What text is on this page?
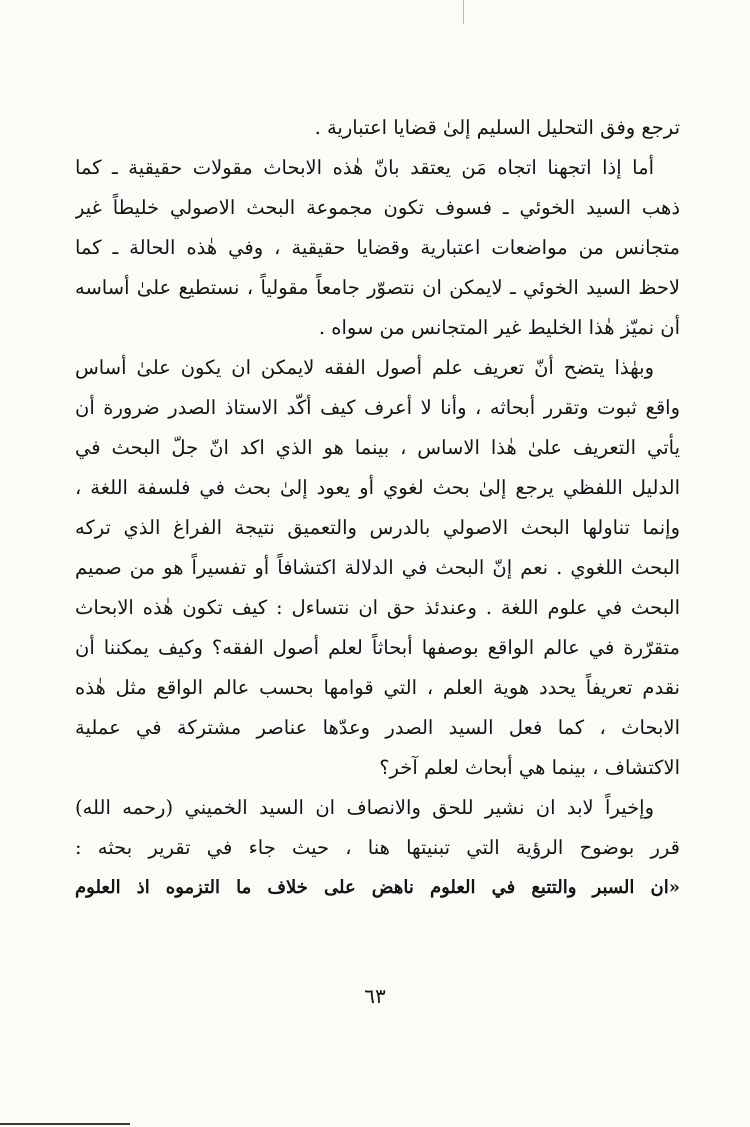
ترجع وفق التحليل السليم إلىٰ قضايا اعتبارية .
أما إذا اتجهنا اتجاه مَن يعتقد بانّ هٰذه الابحاث مقولات حقيقية ـ كما
ذهب السيد الخوئي ـ فسوف تكون مجموعة البحث الاصولي خليطاً غير
متجانس من مواضعات اعتبارية وقضايا حقيقية ، وفي هٰذه الحالة ـ كما
لاحظ السيد الخوئي ـ لايمكن ان نتصوّر جامعاً مقولياً ، نستطيع علىٰ أساسه
أن نميّز هٰذا الخليط غير المتجانس من سواه .
وبهٰذا يتضح أنّ تعريف علم أصول الفقه لايمكن ان يكون علىٰ أساس
واقع ثبوت وتقرر أبحاثه ، وأنا لا أعرف كيف أكّد الاستاذ الصدر ضرورة أن
يأتي التعريف علىٰ هٰذا الاساس ، بينما هو الذي اكد انّ جلّ البحث في
الدليل اللفظي يرجع إلىٰ بحث لغوي أو يعود إلىٰ بحث في فلسفة اللغة ،
وإنما تناولها البحث الاصولي بالدرس والتعميق نتيجة الفراغ الذي تركه
البحث اللغوي . نعم إنّ البحث في الدلالة اكتشافاً أو تفسيراً هو من صميم
البحث في علوم اللغة . وعندئذ حق ان نتساءل : كيف تكون هٰذه الابحاث
متقرّرة في عالم الواقع بوصفها أبحاثاً لعلم أصول الفقه؟ وكيف يمكننا أن
نقدم تعريفاً يحدد هوية العلم ، التي قوامها بحسب عالم الواقع مثل هٰذه
الابحاث ، كما فعل السيد الصدر وعدّها عناصر مشتركة في عملية
الاكتشاف ، بينما هي أبحاث لعلم آخر؟
وإخيراً لابد ان نشير للحق والانصاف ان السيد الخميني (رحمه الله)
قرر بوضوح الرؤية التي تبنيتها هنا ، حيث جاء في تقرير بحثه :
«ان السبر والتتبع في العلوم ناهض على خلاف ما التزموه اذ العلوم
٦٣
